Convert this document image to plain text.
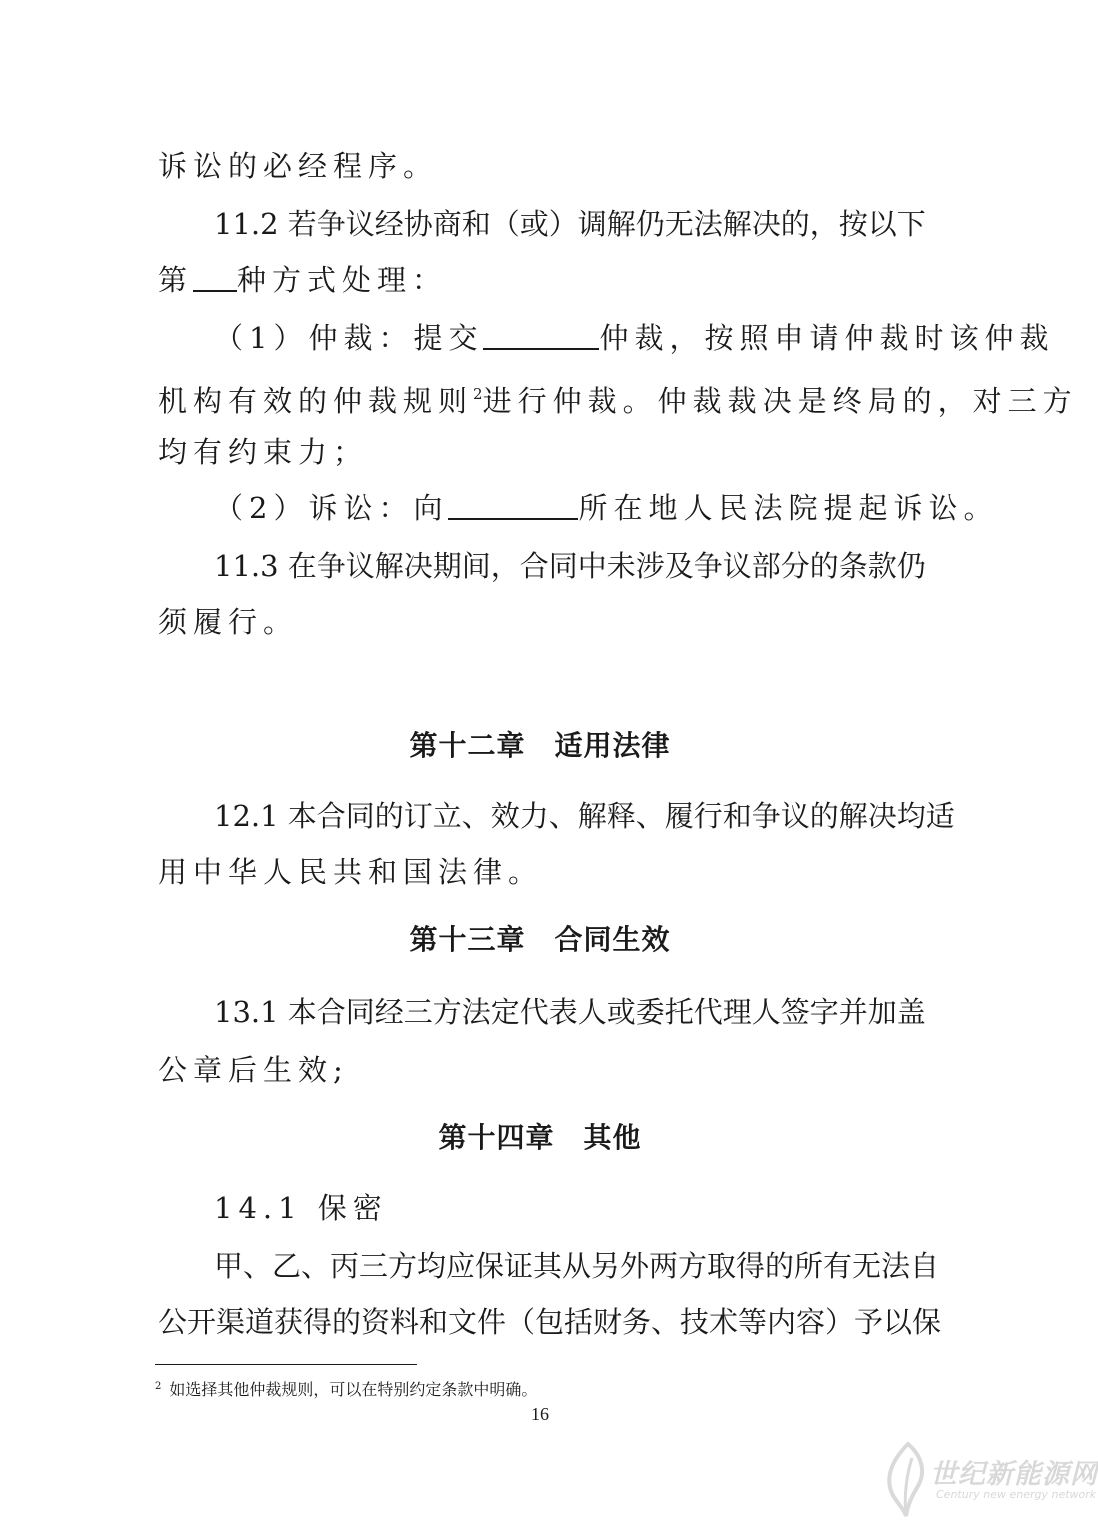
诉讼的必经程序。
11.2 若争议经协商和（或）调解仍无法解决的，按以下
第 种方式处理：
（1）仲裁：提交	仲裁，按照申请仲裁时该仲裁
机构有效的仲裁规则$^2$进行仲裁。仲裁裁决是终局的，对三方
均有约束力；
（2）诉讼：向	所在地人民法院提起诉讼。
11.3 在争议解决期间，合同中未涉及争议部分的条款仍
须履行。
第十二章　适用法律
12.1 本合同的订立、效力、解释、履行和争议的解决均适
用中华人民共和国法律。
第十三章　合同生效
13.1 本合同经三方法定代表人或委托代理人签字并加盖
公章后生效;
第十四章　其他
14.1 保密
甲、乙、丙三方均应保证其从另外两方取得的所有无法自
公开渠道获得的资料和文件（包括财务、技术等内容）予以保
$^2$ 如选择其他仲裁规则，可以在特别约定条款中明确。
16
世纪新能源网
Century new energy network
